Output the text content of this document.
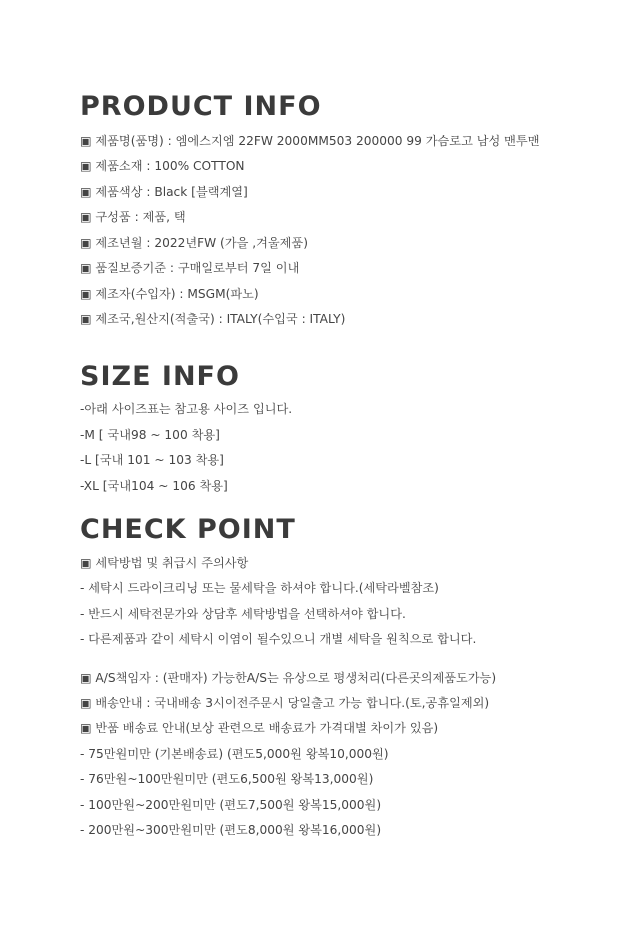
PRODUCT INFO
▣ 제품명(품명) : 엠에스지엠 22FW 2000MM503 200000 99 가슴로고 남성 맨투맨
▣ 제품소재 : 100% COTTON
▣ 제품색상 : Black [블랙계열]
▣ 구성품 : 제품, 택
▣ 제조년월 : 2022년FW (가을 ,겨울제품)
▣ 품질보증기준 : 구매일로부터 7일 이내
▣ 제조자(수입자) : MSGM(파노)
▣ 제조국,원산지(적출국) : ITALY(수입국 : ITALY)
SIZE INFO
-아래 사이즈표는 참고용 사이즈 입니다.
-M [ 국내98 ~ 100 착용]
-L [국내 101 ~ 103 착용]
-XL [국내104 ~ 106 착용]
CHECK POINT
▣ 세탁방법 및 취급시 주의사항
- 세탁시 드라이크리닝 또는 물세탁을 하셔야 합니다.(세탁라벨참조)
- 반드시 세탁전문가와 상담후 세탁방법을 선택하셔야 합니다.
- 다른제품과 같이 세탁시 이염이 될수있으니 개별 세탁을 원칙으로 합니다.
▣ A/S책임자 : (판매자) 가능한A/S는 유상으로 평생처리(다른곳의제품도가능)
▣ 배송안내 : 국내배송 3시이전주문시 당일출고 가능 합니다.(토,공휴일제외)
▣ 반품 배송료 안내(보상 관련으로 배송료가 가격대별 차이가 있음)
- 75만원미만 (기본배송료) (편도5,000원 왕복10,000원)
- 76만원~100만원미만 (편도6,500원 왕복13,000원)
- 100만원~200만원미만 (편도7,500원 왕복15,000원)
- 200만원~300만원미만 (편도8,000원 왕복16,000원)
